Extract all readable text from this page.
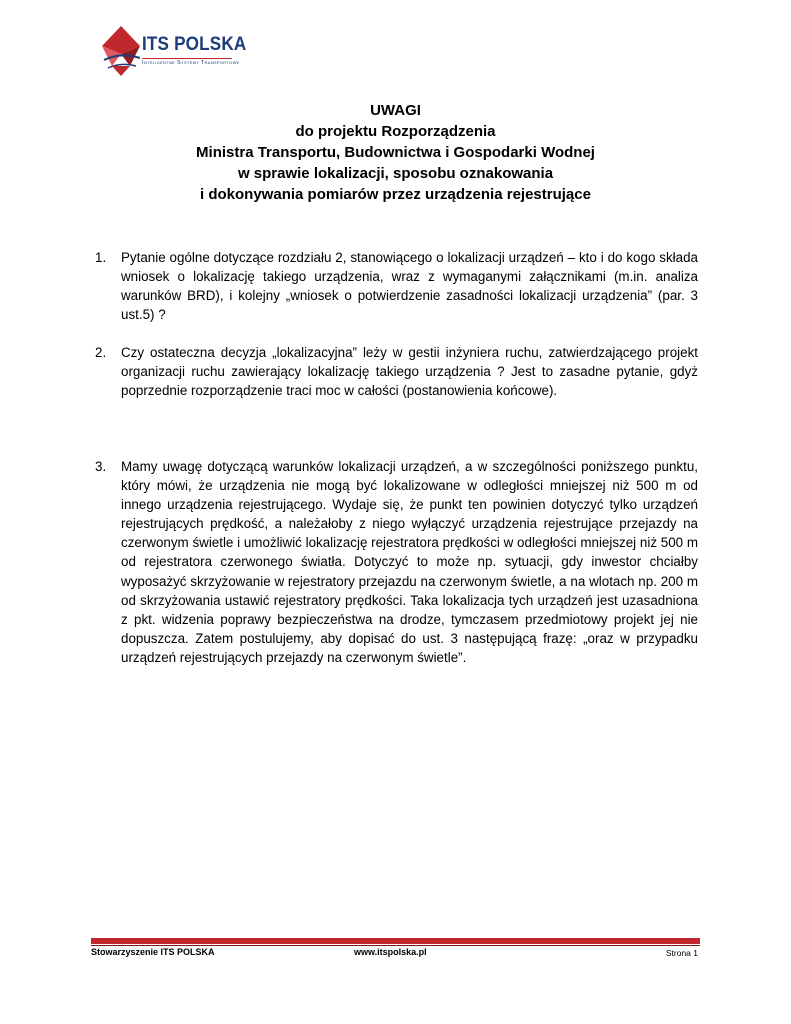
ITS POLSKA
Inteligentne Systemy Transportowe
UWAGI
do projektu Rozporządzenia
Ministra Transportu, Budownictwa i Gospodarki Wodnej
w sprawie lokalizacji, sposobu oznakowania
i dokonywania pomiarów przez urządzenia rejestrujące
1. Pytanie ogólne dotyczące rozdziału 2, stanowiącego o lokalizacji urządzeń – kto i do kogo składa wniosek o lokalizację takiego urządzenia, wraz z wymaganymi załącznikami (m.in. analiza warunków BRD), i kolejny „wniosek o potwierdzenie zasadności lokalizacji urządzenia” (par. 3 ust.5) ?
2. Czy ostateczna decyzja „lokalizacyjna” leży w gestii inżyniera ruchu, zatwierdzającego projekt organizacji ruchu zawierający lokalizację takiego urządzenia ? Jest to zasadne pytanie, gdyż poprzednie rozporządzenie traci moc w całości (postanowienia końcowe).
3. Mamy uwagę dotyczącą warunków lokalizacji urządzeń, a w szczególności poniższego punktu, który mówi, że urządzenia nie mogą być lokalizowane w odległości mniejszej niż 500 m od innego urządzenia rejestrującego. Wydaje się, że punkt ten powinien dotyczyć tylko urządzeń rejestrujących prędkość, a należałoby z niego wyłączyć urządzenia rejestrujące przejazdy na czerwonym świetle i umożliwić lokalizację rejestratora prędkości w odległości mniejszej niż 500 m od rejestratora czerwonego światła. Dotyczyć to może np. sytuacji, gdy inwestor chciałby wyposażyć skrzyżowanie w rejestratory przejazdu na czerwonym świetle, a na wlotach np. 200 m od skrzyżowania ustawić rejestratory prędkości. Taka lokalizacja tych urządzeń jest uzasadniona z pkt. widzenia poprawy bezpieczeństwa na drodze, tymczasem przedmiotowy projekt jej nie dopuszcza. Zatem postulujemy, aby dopisać do ust. 3 następującą frazę: „oraz w przypadku urządzeń rejestrujących przejazdy na czerwonym świetle”.
Stowarzyszenie ITS POLSKA	www.itspolska.pl	Strona 1
